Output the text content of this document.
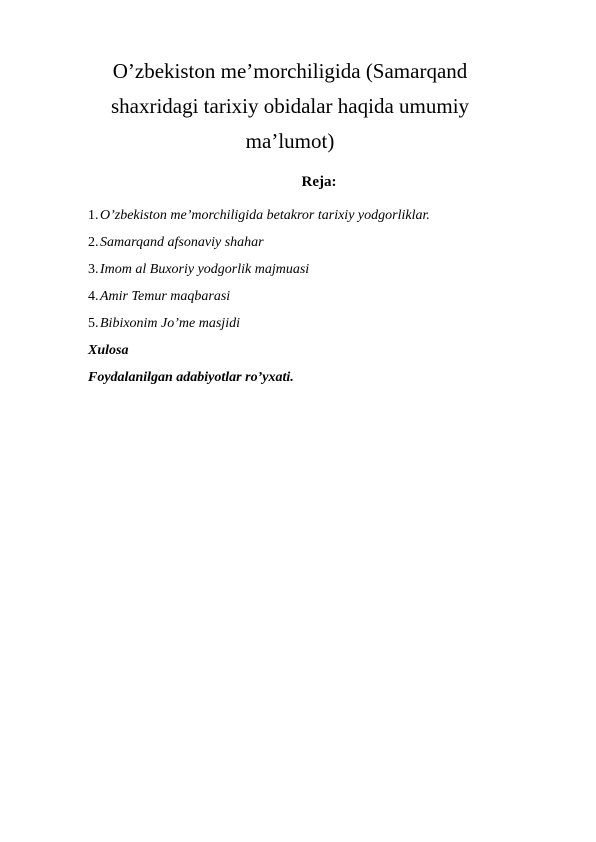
O’zbekiston me’morchiligida (Samarqand
shaxridagi tarixiy obidalar haqida umumiy
ma’lumot)

Reja:

1. O’zbekiston me’morchiligida betakror tarixiy yodgorliklar.
2. Samarqand afsonaviy shahar
3. Imom al Buxoriy yodgorlik majmuasi
4. Amir Temur maqbarasi
5. Bibixonim Jo’me masjidi

Xulosa

Foydalanilgan adabiyotlar ro’yxati.
